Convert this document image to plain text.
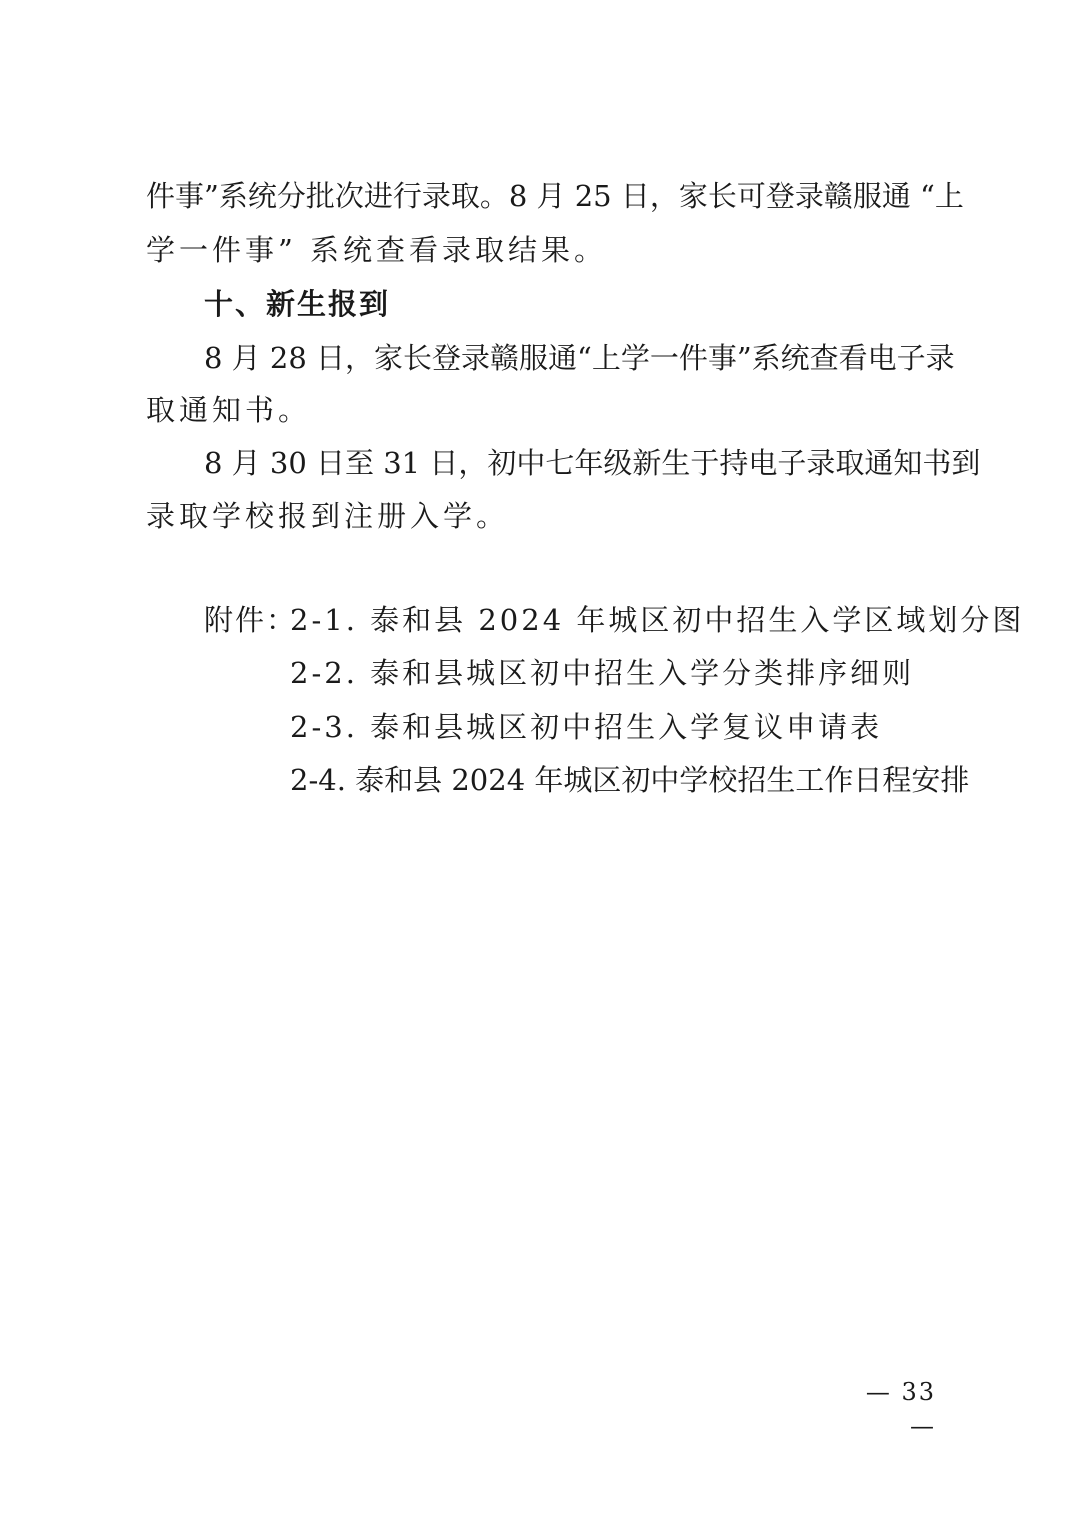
件事”系统分批次进行录取。8 月 25 日，家长可登录赣服通 “上
学一件事” 系统查看录取结果。
十、新生报到
8 月 28 日，家长登录赣服通“上学一件事”系统查看电子录
取通知书。
8 月 30 日至 31 日，初中七年级新生于持电子录取通知书到
录取学校报到注册入学。
附件：
2-1. 泰和县 2024 年城区初中招生入学区域划分图
2-2. 泰和县城区初中招生入学分类排序细则
2-3. 泰和县城区初中招生入学复议申请表
2-4. 泰和县 2024 年城区初中学校招生工作日程安排
— 33 —
